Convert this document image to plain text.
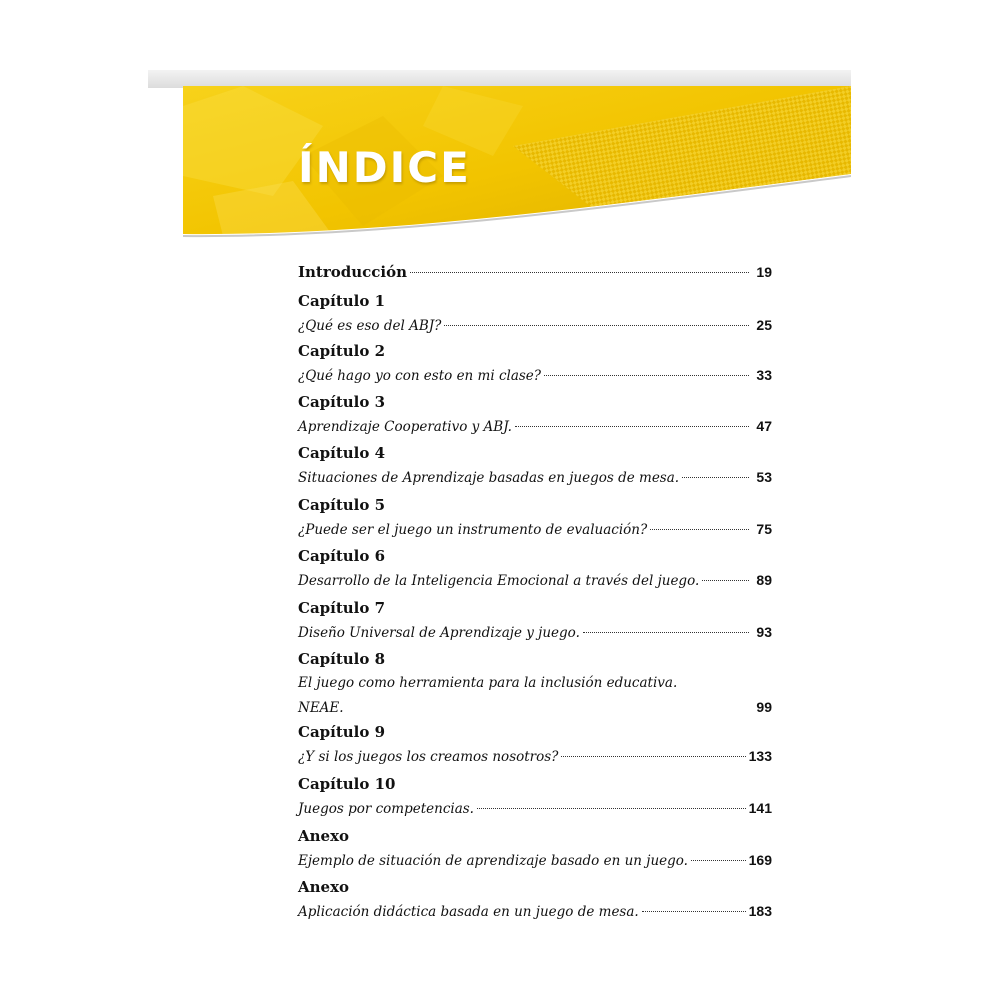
ÍNDICE
Introducción	19
Capítulo 1
¿Qué es eso del ABJ?	25
Capítulo 2
¿Qué hago yo con esto en mi clase?	33
Capítulo 3
Aprendizaje Cooperativo y ABJ.	47
Capítulo 4
Situaciones de Aprendizaje basadas en juegos de mesa.	53
Capítulo 5
¿Puede ser el juego un instrumento de evaluación?	75
Capítulo 6
Desarrollo de la Inteligencia Emocional a través del juego.	89
Capítulo 7
Diseño Universal de Aprendizaje y juego.	93
Capítulo 8
El juego como herramienta para la inclusión educativa.
NEAE.	99
Capítulo 9
¿Y si los juegos los creamos nosotros?	133
Capítulo 10
Juegos por competencias.	141
Anexo
Ejemplo de situación de aprendizaje basado en un juego.	169
Anexo
Aplicación didáctica basada en un juego de mesa.	183
